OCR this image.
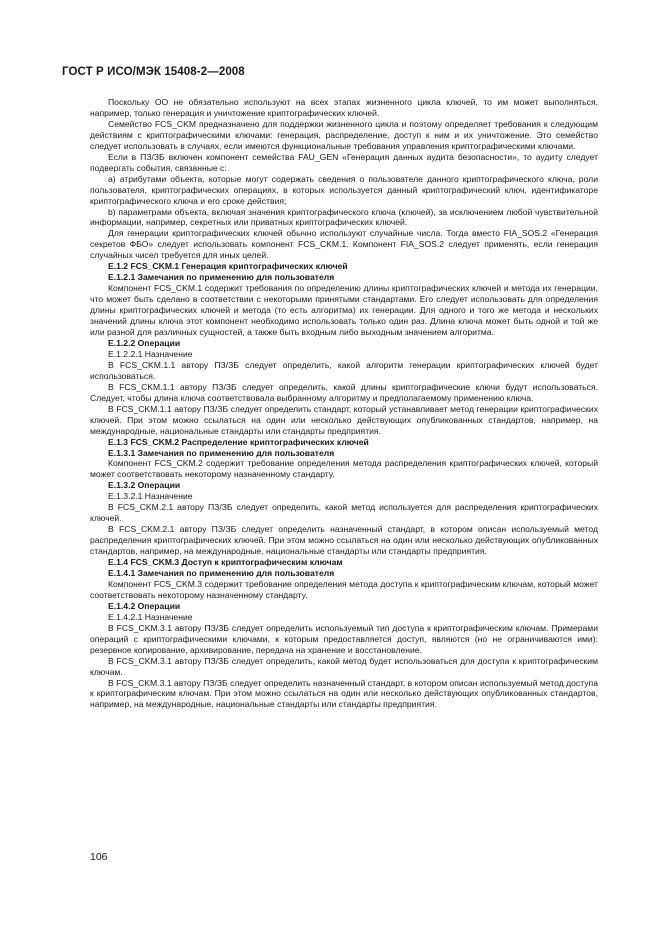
ГОСТ Р ИСО/МЭК 15408-2—2008

Поскольку ОО не обязательно используют на всех этапах жизненного цикла ключей, то им может выполняться, например, только генерация и уничтожение криптографических ключей.

Семейство FCS_CKM предназначено для поддержки жизненного цикла и поэтому определяет требования к следующим действиям с криптографическими ключами: генерация, распределение, доступ к ним и их уничтожение. Это семейство следует использовать в случаях, если имеются функциональные требования управления криптографическими ключами.

Если в ПЗ/ЗБ включен компонент семейства FAU_GEN «Генерация данных аудита безопасности», то аудиту следует подвергать события, связанные с:

а) атрибутами объекта, которые могут содержать сведения о пользователе данного криптографического ключа, роли пользователя, криптографических операциях, в которых используется данный криптографический ключ, идентификаторе криптографического ключа и его сроке действия;

b) параметрами объекта, включая значения криптографического ключа (ключей), за исключением любой чувствительной информации, например, секретных или приватных криптографических ключей.

Для генерации криптографических ключей обычно используют случайные числа. Тогда вместо FIA_SOS.2 «Генерация секретов ФБО» следует использовать компонент FCS_CKM.1. Компонент FIA_SOS.2 следует применять, если генерация случайных чисел требуется для иных целей.

E.1.2 FCS_CKM.1 Генерация криптографических ключей

E.1.2.1 Замечания по применению для пользователя

Компонент FCS_CKM.1 содержит требования по определению длины криптографических ключей и метода их генерации, что может быть сделано в соответствии с некоторыми принятыми стандартами. Его следует использовать для определения длины криптографических ключей и метода (то есть алгоритма) их генерации. Для одного и того же метода и нескольких значений длины ключа этот компонент необходимо использовать только один раз. Длина ключа может быть одной и той же или разной для различных сущностей, а также быть входным либо выходным значением алгоритма.

E.1.2.2 Операции

E.1.2.2.1 Назначение

В FCS_CKM.1.1 автору ПЗ/ЗБ следует определить, какой алгоритм генерации криптографических ключей будет использоваться.

В FCS_CKM.1.1 автору ПЗ/ЗБ следует определить, какой длины криптографические ключи будут использоваться. Следует, чтобы длина ключа соответствовала выбранному алгоритму и предполагаемому применению ключа.

В FCS_CKM.1.1 автору ПЗ/ЗБ следует определить стандарт, который устанавливает метод генерации криптографических ключей. При этом можно ссылаться на один или несколько действующих опубликованных стандартов, например, на международные, национальные стандарты или стандарты предприятия.

E.1.3 FCS_CKM.2 Распределение криптографических ключей

E.1.3.1 Замечания по применению для пользователя

Компонент FCS_CKM.2 содержит требование определения метода распределения криптографических ключей, который может соответствовать некоторому назначенному стандарту.

E.1.3.2 Операции

E.1.3.2.1 Назначение

В FCS_CKM.2.1 автору ПЗ/ЗБ следует определить, какой метод используется для распределения криптографических ключей.

В FCS_CKM.2.1 автору ПЗ/ЗБ следует определить назначенный стандарт, в котором описан используемый метод распределения криптографических ключей. При этом можно ссылаться на один или несколько действующих опубликованных стандартов, например, на международные, национальные стандарты или стандарты предприятия.

E.1.4 FCS_CKM.3 Доступ к криптографическим ключам

E.1.4.1 Замечания по применению для пользователя

Компонент FCS_CKM.3 содержит требование определения метода доступа к криптографическим ключам, который может соответствовать некоторому назначенному стандарту.

E.1.4.2 Операции

E.1.4.2.1 Назначение

В FCS_CKM.3.1 автору ПЗ/ЗБ следует определить используемый тип доступа к криптографическим ключам. Примерами операций с криптографическими ключами, к которым предоставляется доступ, являются (но не ограничиваются ими): резервное копирование, архивирование, передача на хранение и восстановление.

В FCS_CKM.3.1 автору ПЗ/ЗБ следует определить, какой метод будет использоваться для доступа к криптографическим ключам.

В FCS_CKM.3.1 автору ПЗ/ЗБ следует определить назначенный стандарт, в котором описан используемый метод доступа к криптографическим ключам. При этом можно ссылаться на один или несколько действующих опубликованных стандартов, например, на международные, национальные стандарты или стандарты предприятия.

106
